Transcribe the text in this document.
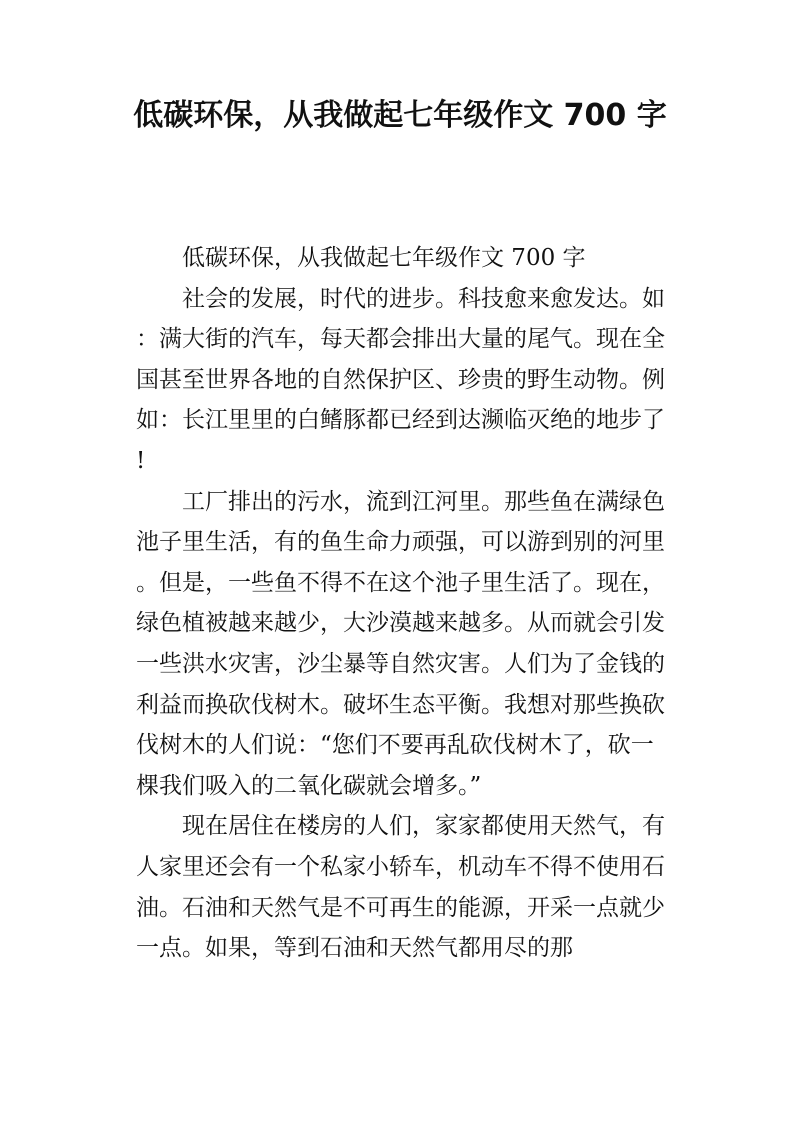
低碳环保，从我做起七年级作文 700 字

低碳环保，从我做起七年级作文 700 字

社会的发展，时代的进步。科技愈来愈发达。如：满大街的汽车，每天都会排出大量的尾气。现在全国甚至世界各地的自然保护区、珍贵的野生动物。例如：长江里里的白鳍豚都已经到达濒临灭绝的地步了!

工厂排出的污水，流到江河里。那些鱼在满绿色池子里生活，有的鱼生命力顽强，可以游到别的河里。但是，一些鱼不得不在这个池子里生活了。现在，绿色植被越来越少，大沙漠越来越多。从而就会引发一些洪水灾害，沙尘暴等自然灾害。人们为了金钱的利益而换砍伐树木。破坏生态平衡。我想对那些换砍伐树木的人们说：“您们不要再乱砍伐树木了，砍一棵我们吸入的二氧化碳就会增多。”

现在居住在楼房的人们，家家都使用天然气，有人家里还会有一个私家小轿车，机动车不得不使用石油。石油和天然气是不可再生的能源，开采一点就少一点。如果，等到石油和天然气都用尽的那
